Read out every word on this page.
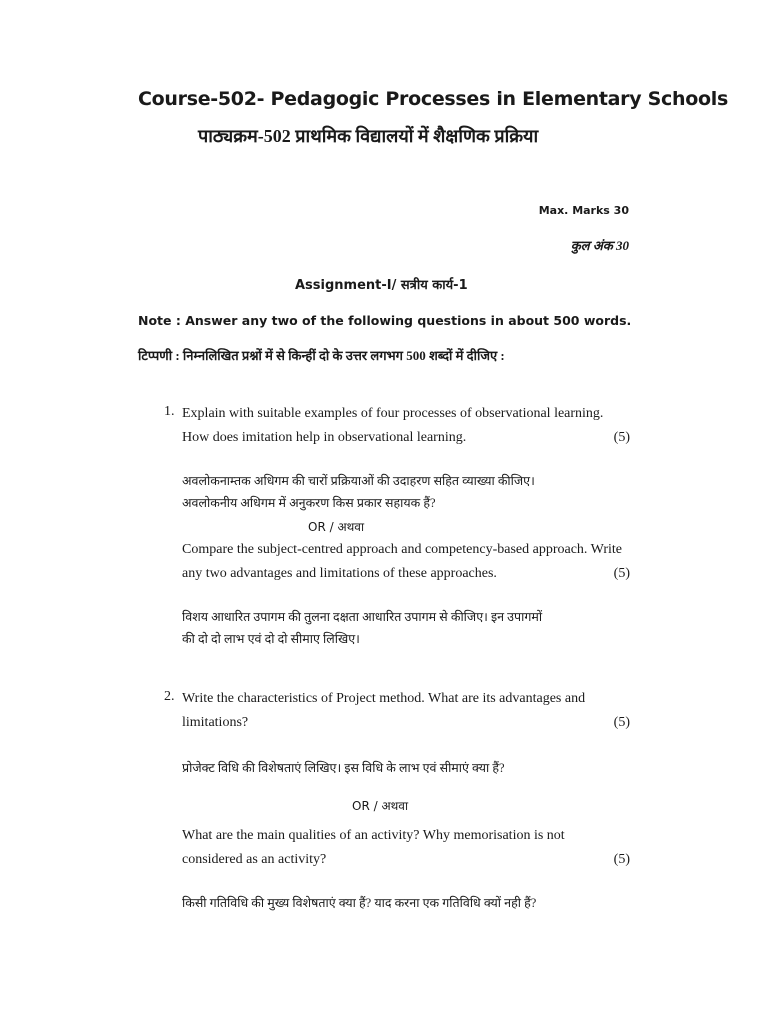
Course-502- Pedagogic Processes in Elementary Schools
पाठ्यक्रम-502 प्राथमिक विद्यालयों में शैक्षणिक प्रक्रिया
Max. Marks 30
कुल अंक 30
Assignment-I/ सत्रीय कार्य-1
Note : Answer any two of the following questions in about 500 words.
टिप्पणी : निम्नलिखित प्रश्नों में से किन्हीं दो के उत्तर लगभग 500 शब्दों में दीजिए :
1. Explain with suitable examples of four processes of observational learning.
How does imitation help in observational learning.	(5)
अवलोकनाम्तक अधिगम की चारों प्रक्रियाओं की उदाहरण सहित व्याख्या कीजिए।
अवलोकनीय अधिगम में अनुकरण किस प्रकार सहायक हैं?
OR / अथवा
Compare the subject-centred approach and competency-based approach. Write
any two advantages and limitations of these approaches.	(5)
विशय आधारित उपागम की तुलना दक्षता आधारित उपागम से कीजिए। इन उपागमों
की दो दो लाभ एवं दो दो सीमाए लिखिए।
2. Write the characteristics of Project method. What are its advantages and
limitations?	(5)
प्रोजेक्ट विधि की विशेषताएं लिखिए। इस विधि के लाभ एवं सीमाएं क्या हैं?
OR / अथवा
What are the main qualities of an activity? Why memorisation is not
considered as an activity?	(5)
किसी गतिविधि की मुख्य विशेषताएं क्या हैं? याद करना एक गतिविधि क्यों नही हैं?
